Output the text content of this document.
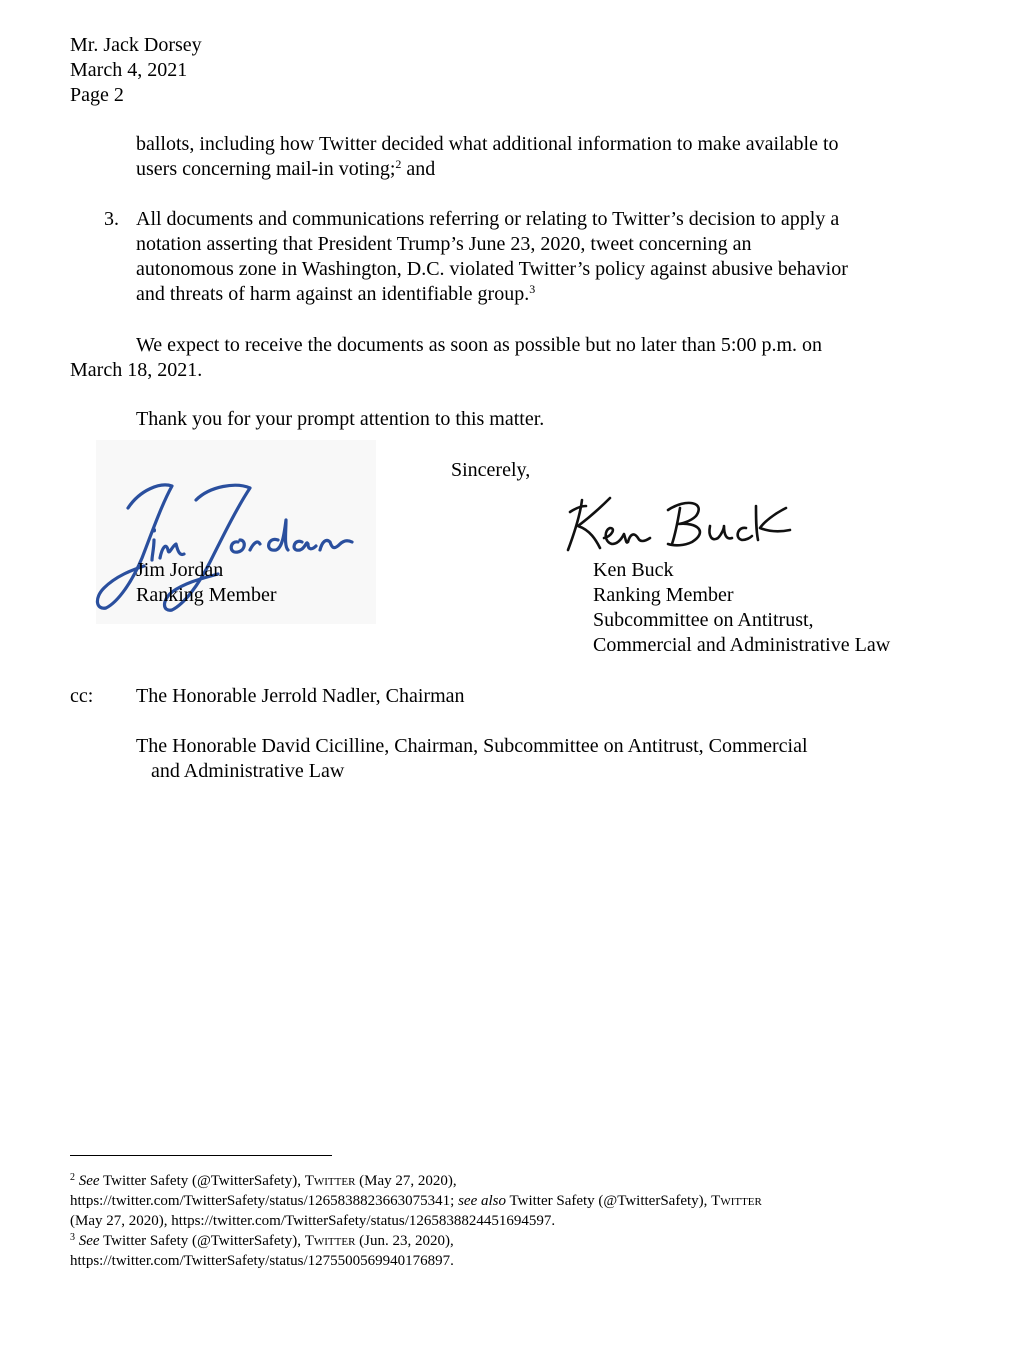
Mr. Jack Dorsey
March 4, 2021
Page 2
ballots, including how Twitter decided what additional information to make available to
users concerning mail-in voting;$^2$ and
3. All documents and communications referring or relating to Twitter’s decision to apply a
notation asserting that President Trump’s June 23, 2020, tweet concerning an
autonomous zone in Washington, D.C. violated Twitter’s policy against abusive behavior
and threats of harm against an identifiable group.$^3$
We expect to receive the documents as soon as possible but no later than 5:00 p.m. on
March 18, 2021.
Thank you for your prompt attention to this matter.
Sincerely,
Jim Jordan
Ranking Member
Ken Buck
Ranking Member
Subcommittee on Antitrust,
Commercial and Administrative Law
cc: The Honorable Jerrold Nadler, Chairman
The Honorable David Cicilline, Chairman, Subcommittee on Antitrust, Commercial
and Administrative Law
$^2$ See Twitter Safety (@TwitterSafety), Twitter (May 27, 2020),
https://twitter.com/TwitterSafety/status/1265838823663075341; see also Twitter Safety (@TwitterSafety), Twitter
(May 27, 2020), https://twitter.com/TwitterSafety/status/1265838824451694597.
$^3$ See Twitter Safety (@TwitterSafety), Twitter (Jun. 23, 2020),
https://twitter.com/TwitterSafety/status/1275500569940176897.
